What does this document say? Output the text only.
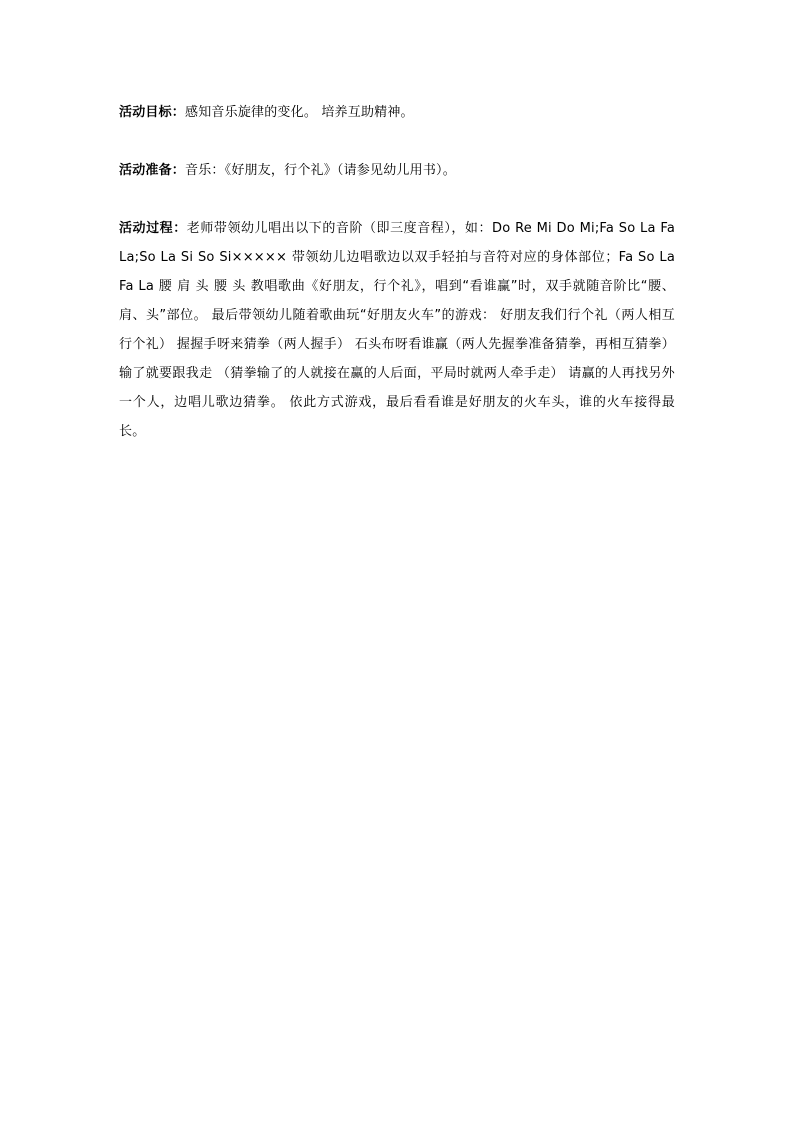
活动目标：感知音乐旋律的变化。 培养互助精神。

活动准备：音乐：《好朋友，行个礼》（请参见幼儿用书）。

活动过程：老师带领幼儿唱出以下的音阶（即三度音程），如：Do Re Mi Do Mi;Fa So La Fa La;So La Si So Si××××× 带领幼儿边唱歌边以双手轻拍与音符对应的身体部位；Fa So La Fa La 腰 肩 头 腰 头 教唱歌曲《好朋友，行个礼》，唱到“看谁赢”时，双手就随音阶比“腰、肩、头”部位。 最后带领幼儿随着歌曲玩“好朋友火车”的游戏： 好朋友我们行个礼（两人相互行个礼） 握握手呀来猜拳（两人握手） 石头布呀看谁赢（两人先握拳准备猜拳，再相互猜拳） 输了就要跟我走 （猜拳输了的人就接在赢的人后面，平局时就两人牵手走） 请赢的人再找另外一个人，边唱儿歌边猜拳。 依此方式游戏，最后看看谁是好朋友的火车头，谁的火车接得最长。
